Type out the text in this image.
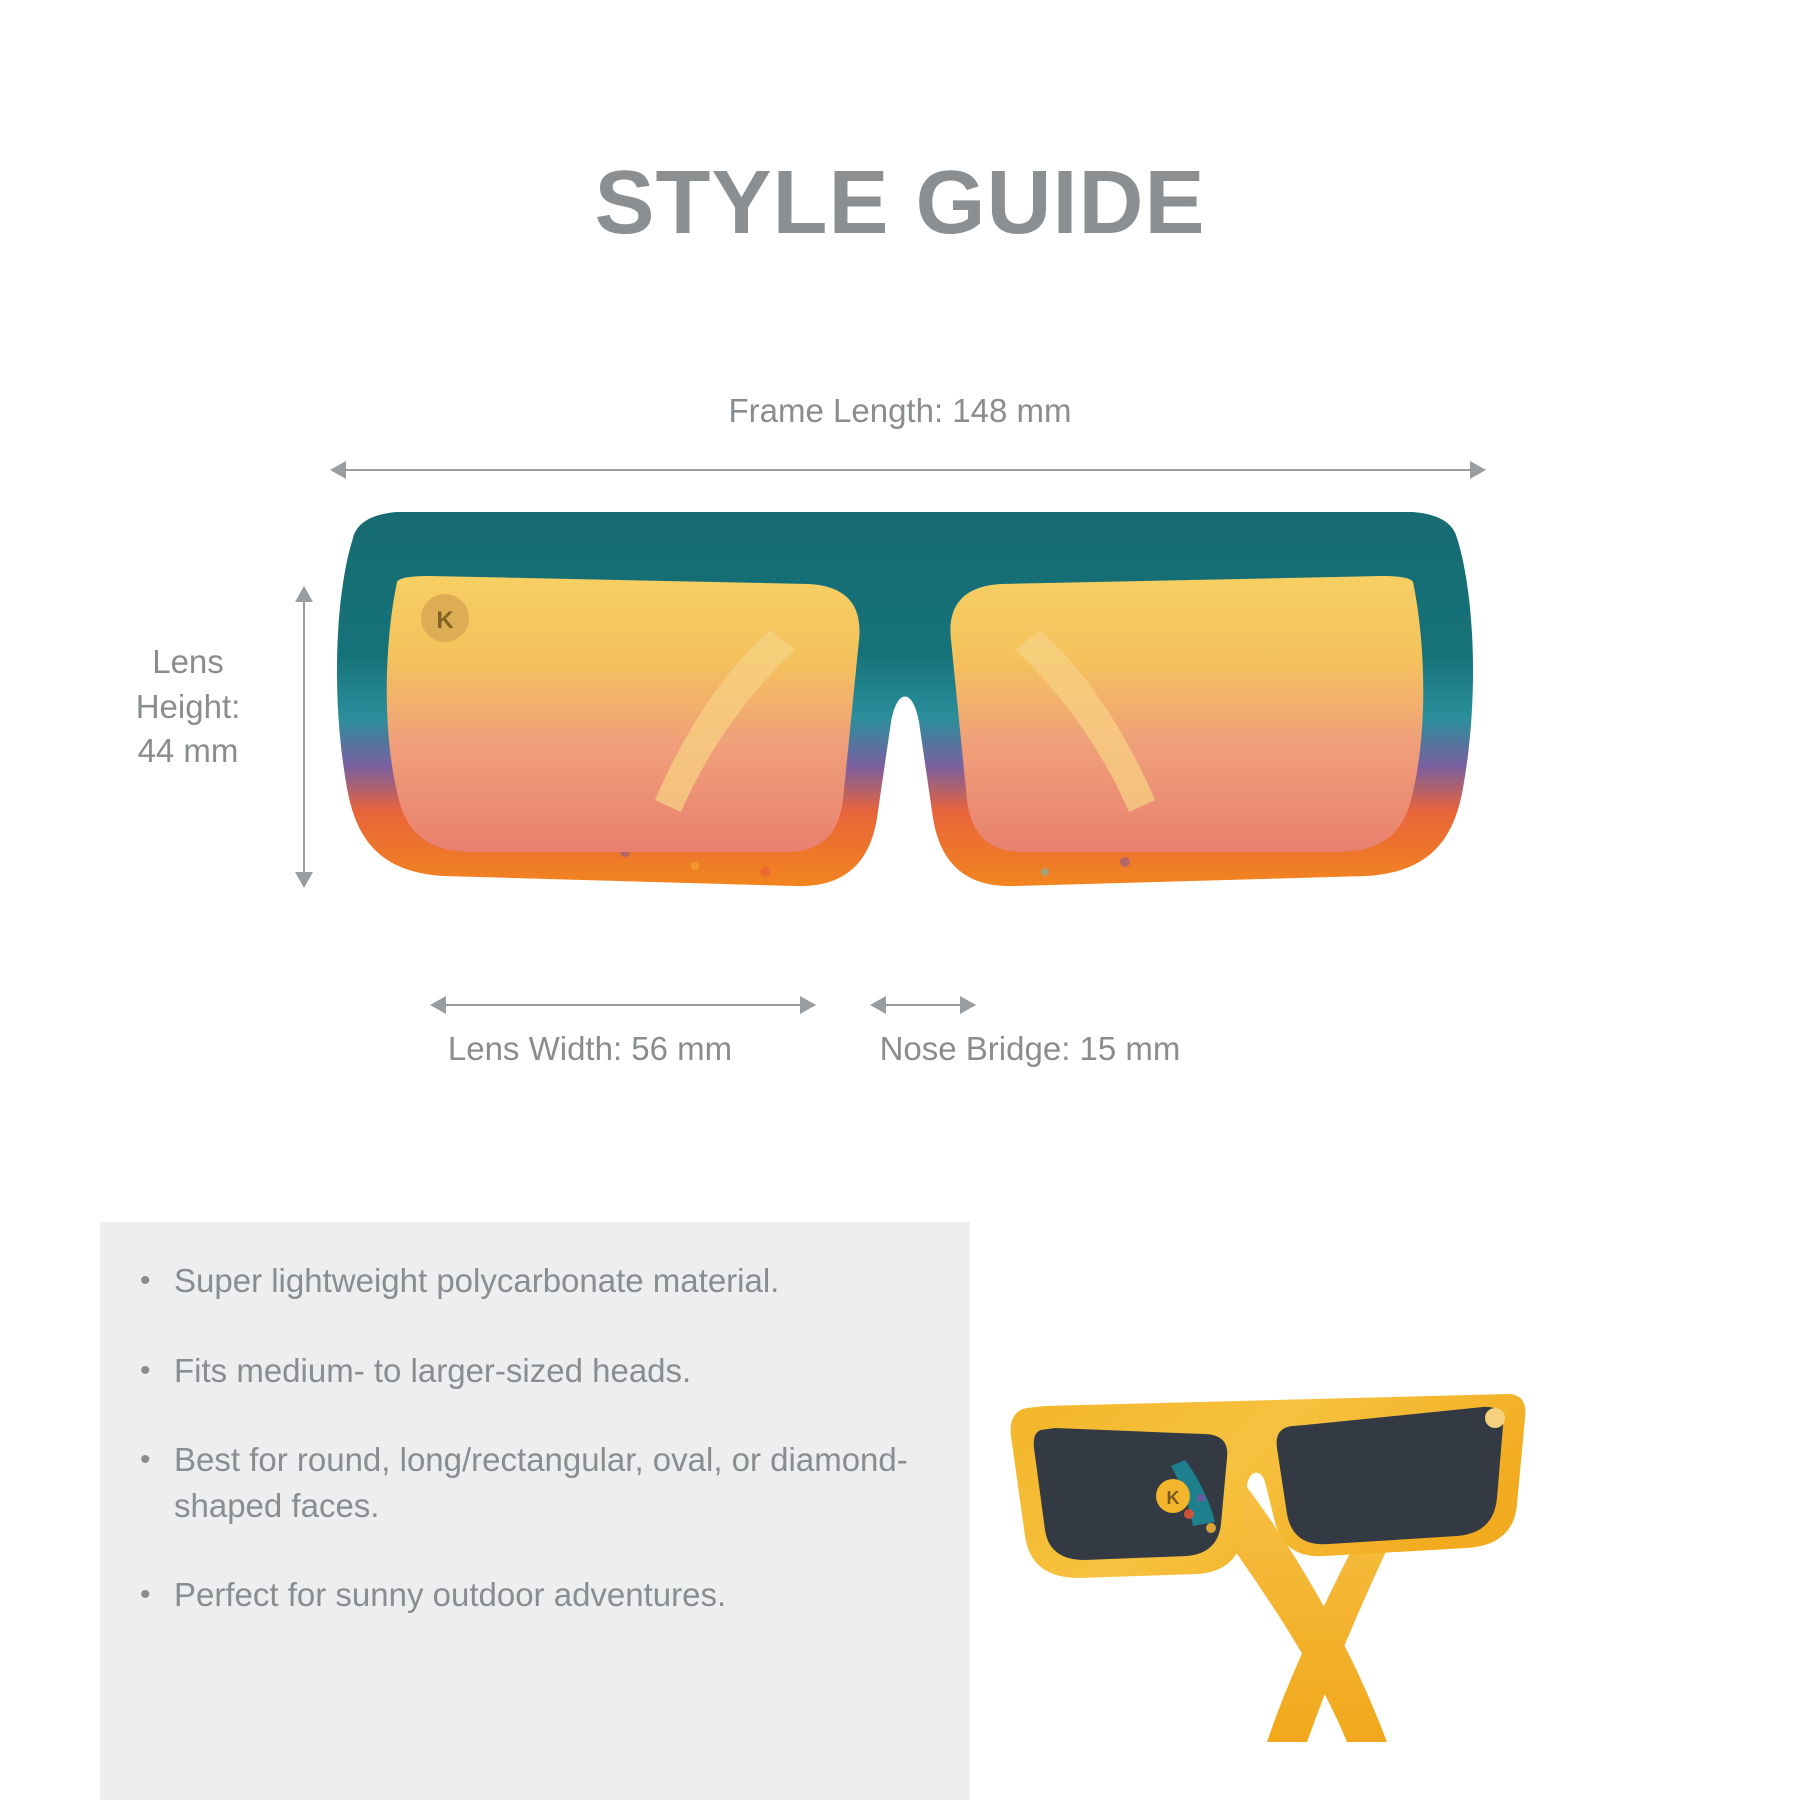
STYLE GUIDE
Frame Length: 148 mm
Lens
Height:
44 mm
K
Lens Width: 56 mm	Nose Bridge: 15 mm
• Super lightweight polycarbonate material.
• Fits medium- to larger-sized heads.
• Best for round, long/rectangular, oval, or diamond-shaped faces.
• Perfect for sunny outdoor adventures.
K
